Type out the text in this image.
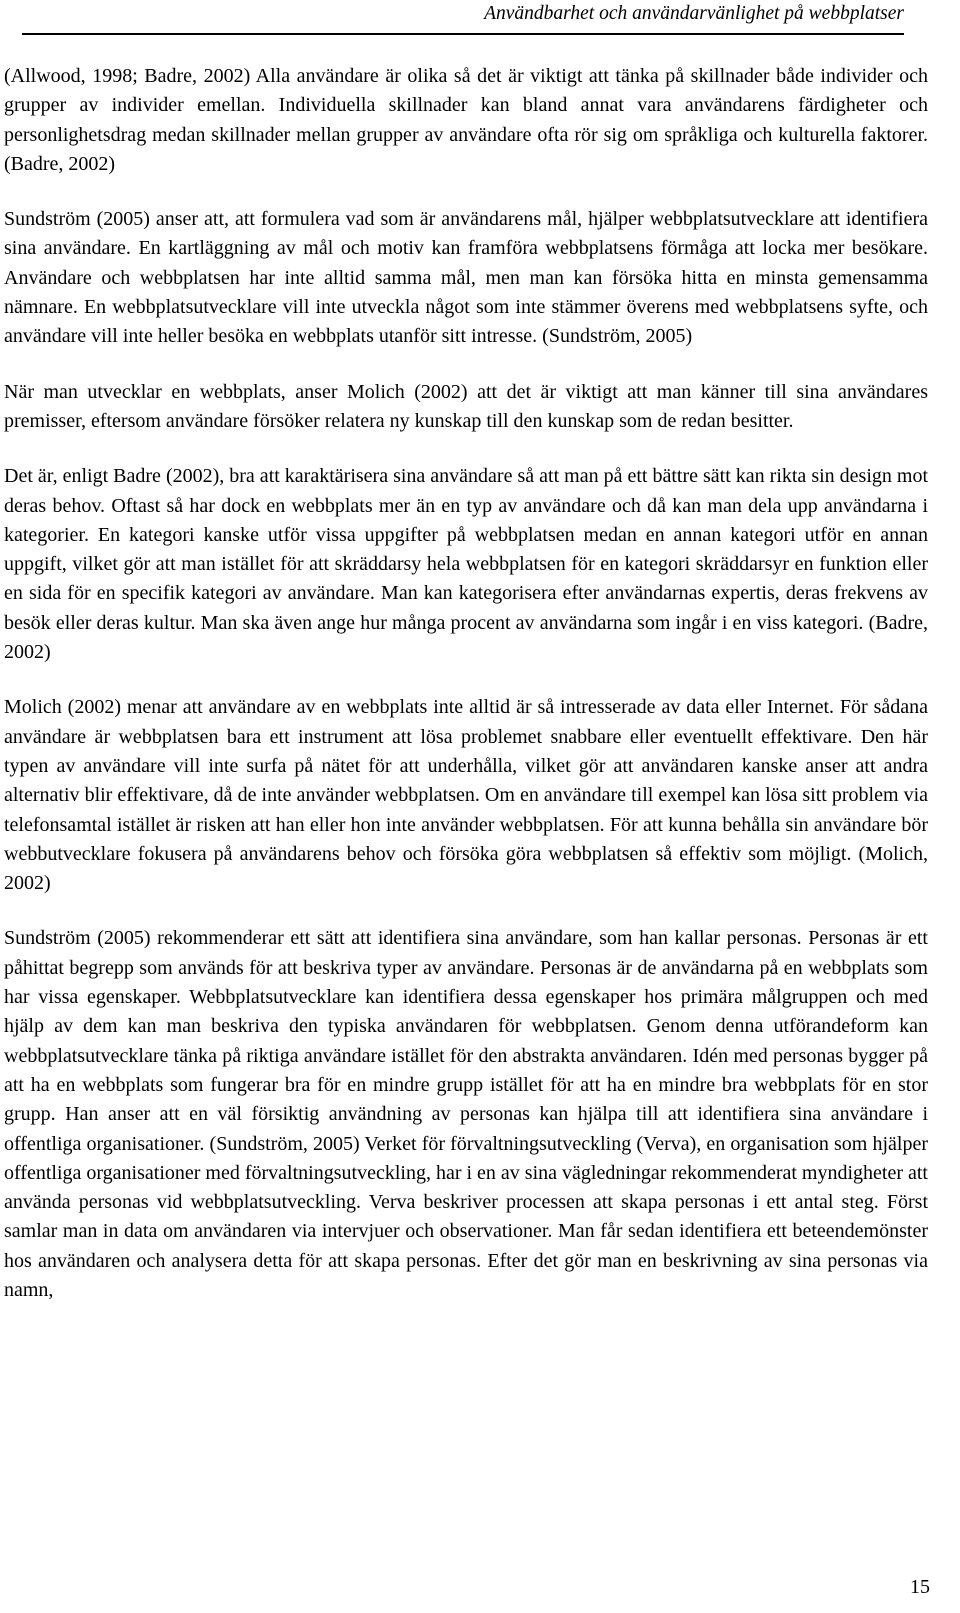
Användbarhet och användarvänlighet på webbplatser

(Allwood, 1998; Badre, 2002) Alla användare är olika så det är viktigt att tänka på skillnader både individer och grupper av individer emellan. Individuella skillnader kan bland annat vara användarens färdigheter och personlighetsdrag medan skillnader mellan grupper av användare ofta rör sig om språkliga och kulturella faktorer. (Badre, 2002)

Sundström (2005) anser att, att formulera vad som är användarens mål, hjälper webbplatsutvecklare att identifiera sina användare. En kartläggning av mål och motiv kan framföra webbplatsens förmåga att locka mer besökare. Användare och webbplatsen har inte alltid samma mål, men man kan försöka hitta en minsta gemensamma nämnare. En webbplatsutvecklare vill inte utveckla något som inte stämmer överens med webbplatsens syfte, och användare vill inte heller besöka en webbplats utanför sitt intresse. (Sundström, 2005)

När man utvecklar en webbplats, anser Molich (2002) att det är viktigt att man känner till sina användares premisser, eftersom användare försöker relatera ny kunskap till den kunskap som de redan besitter.

Det är, enligt Badre (2002), bra att karaktärisera sina användare så att man på ett bättre sätt kan rikta sin design mot deras behov. Oftast så har dock en webbplats mer än en typ av användare och då kan man dela upp användarna i kategorier. En kategori kanske utför vissa uppgifter på webbplatsen medan en annan kategori utför en annan uppgift, vilket gör att man istället för att skräddarsy hela webbplatsen för en kategori skräddarsyr en funktion eller en sida för en specifik kategori av användare. Man kan kategorisera efter användarnas expertis, deras frekvens av besök eller deras kultur. Man ska även ange hur många procent av användarna som ingår i en viss kategori. (Badre, 2002)

Molich (2002) menar att användare av en webbplats inte alltid är så intresserade av data eller Internet. För sådana användare är webbplatsen bara ett instrument att lösa problemet snabbare eller eventuellt effektivare. Den här typen av användare vill inte surfa på nätet för att underhålla, vilket gör att användaren kanske anser att andra alternativ blir effektivare, då de inte använder webbplatsen. Om en användare till exempel kan lösa sitt problem via telefonsamtal istället är risken att han eller hon inte använder webbplatsen. För att kunna behålla sin användare bör webbutvecklare fokusera på användarens behov och försöka göra webbplatsen så effektiv som möjligt. (Molich, 2002)

Sundström (2005) rekommenderar ett sätt att identifiera sina användare, som han kallar personas. Personas är ett påhittat begrepp som används för att beskriva typer av användare. Personas är de användarna på en webbplats som har vissa egenskaper. Webbplatsutvecklare kan identifiera dessa egenskaper hos primära målgruppen och med hjälp av dem kan man beskriva den typiska användaren för webbplatsen. Genom denna utförandeform kan webbplatsutvecklare tänka på riktiga användare istället för den abstrakta användaren. Idén med personas bygger på att ha en webbplats som fungerar bra för en mindre grupp istället för att ha en mindre bra webbplats för en stor grupp. Han anser att en väl försiktig användning av personas kan hjälpa till att identifiera sina användare i offentliga organisationer. (Sundström, 2005) Verket för förvaltningsutveckling (Verva), en organisation som hjälper offentliga organisationer med förvaltningsutveckling, har i en av sina vägledningar rekommenderat myndigheter att använda personas vid webbplatsutveckling. Verva beskriver processen att skapa personas i ett antal steg. Först samlar man in data om användaren via intervjuer och observationer. Man får sedan identifiera ett beteendemönster hos användaren och analysera detta för att skapa personas. Efter det gör man en beskrivning av sina personas via namn,

15
